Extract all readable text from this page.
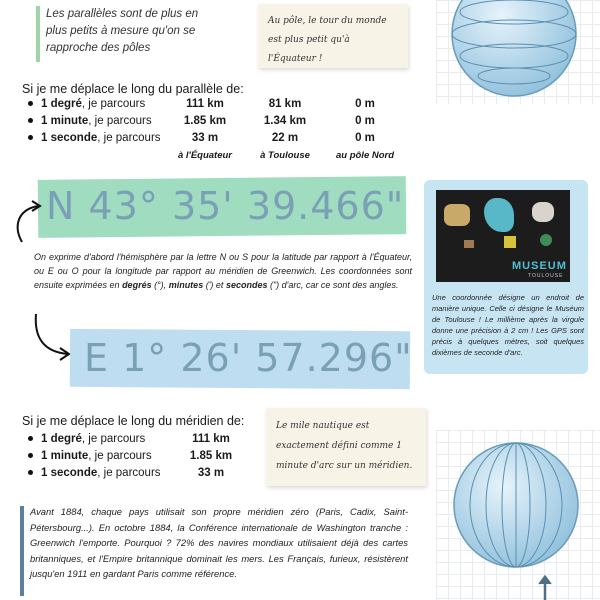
Les parallèles sont de plus en plus petits à mesure qu'on se rapproche des pôles
Au pôle, le tour du monde est plus petit qu'à l'Équateur !
Si je me déplace le long du parallèle de:
1 degré, je parcours
1 minute, je parcours
1 seconde, je parcours
111 km
1.85 km
33 m
81 km
1.34 km
22 m
0 m
0 m
0 m
à l'Équateur	à Toulouse	au pôle Nord
N 43° 35' 39.466"
On exprime d'abord l'hémisphère par la lettre N ou S pour la latitude par rapport à l'Équateur, ou E ou O pour la longitude par rapport au méridien de Greenwich. Les coordonnées sont ensuite exprimées en degrés (°), minutes (') et secondes (") d'arc, car ce sont des angles.
E 1° 26' 57.296"
MUSEUM
TOULOUSE
Une coordonnée désigne un endroit de manière unique. Celle ci désigne le Muséum de Toulouse ! Le millième après la virgule donne une précision à 2 cm ! Les GPS sont précis à quelques mètres, soit quelques dixièmes de seconde d'arc.
Si je me déplace le long du méridien de:
1 degré, je parcours
1 minute, je parcours
1 seconde, je parcours
111 km
1.85 km
33 m
Le mile nautique est exactement défini comme 1 minute d'arc sur un méridien.
Avant 1884, chaque pays utilisait son propre méridien zéro (Paris, Cadix, Saint-Pétersbourg...). En octobre 1884, la Conférence internationale de Washington tranche : Greenwich l'emporte. Pourquoi ? 72% des navires mondiaux utilisaient déjà des cartes britanniques, et l'Empire britannique dominait les mers. Les Français, furieux, résistèrent jusqu'en 1911 en gardant Paris comme référence.
